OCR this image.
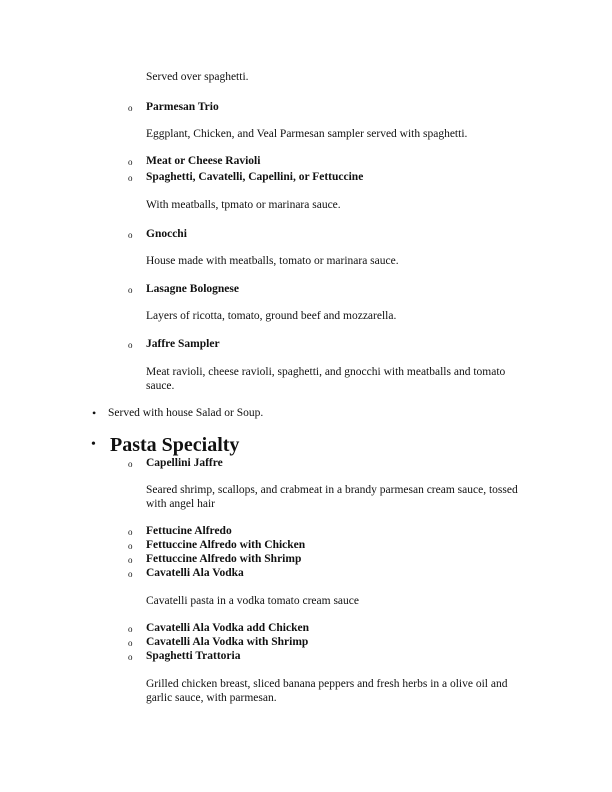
Served over spaghetti.
o Parmesan Trio
Eggplant, Chicken, and Veal Parmesan sampler served with spaghetti.
o Meat or Cheese Ravioli
o Spaghetti, Cavatelli, Capellini, or Fettuccine
With meatballs, tpmato or marinara sauce.
o Gnocchi
House made with meatballs, tomato or marinara sauce.
o Lasagne Bolognese
Layers of ricotta, tomato, ground beef and mozzarella.
o Jaffre Sampler
Meat ravioli, cheese ravioli, spaghetti, and gnocchi with meatballs and tomato sauce.
• Served with house Salad or Soup.
• Pasta Specialty
o Capellini Jaffre
Seared shrimp, scallops, and crabmeat in a brandy parmesan cream sauce, tossed with angel hair
o Fettucine Alfredo
o Fettuccine Alfredo with Chicken
o Fettuccine Alfredo with Shrimp
o Cavatelli Ala Vodka
Cavatelli pasta in a vodka tomato cream sauce
o Cavatelli Ala Vodka add Chicken
o Cavatelli Ala Vodka with Shrimp
o Spaghetti Trattoria
Grilled chicken breast, sliced banana peppers and fresh herbs in a olive oil and garlic sauce, with parmesan.
